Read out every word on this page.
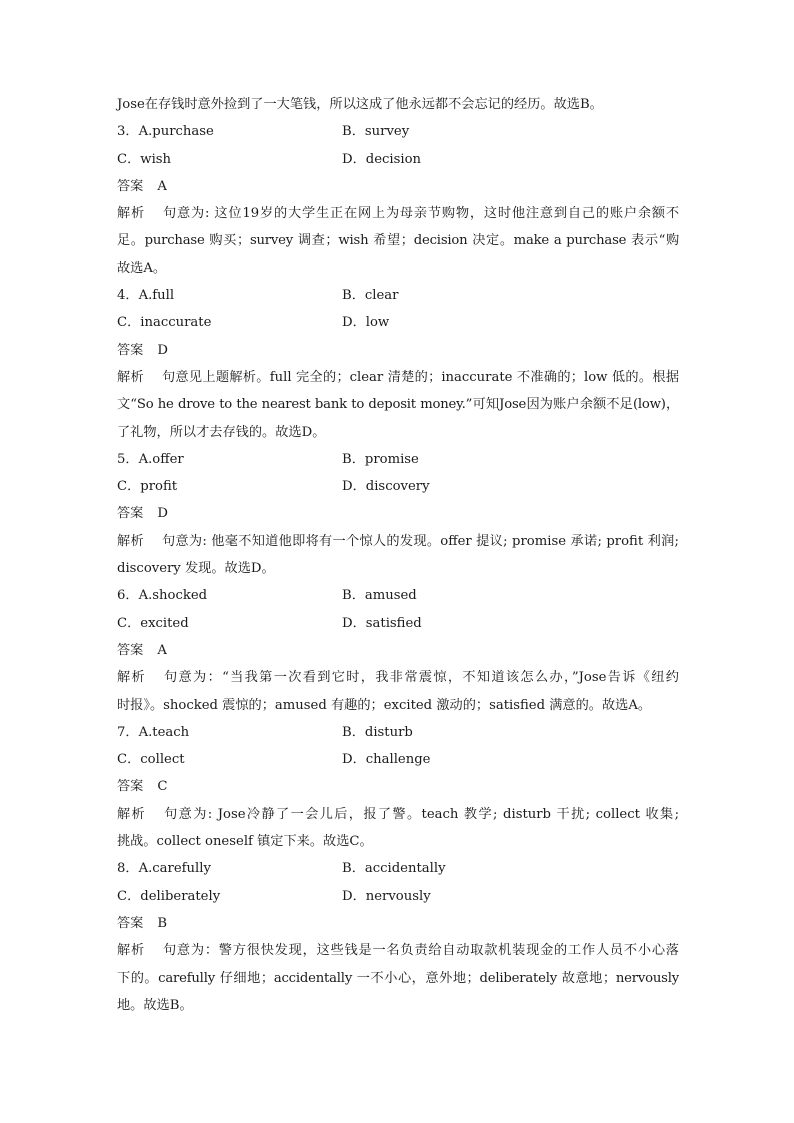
Jose在存钱时意外捡到了一大笔钱，所以这成了他永远都不会忘记的经历。故选B。
3．A.purchase	B．survey
C．wish	D．decision
答案 A
解析 句意为: 这位19岁的大学生正在网上为母亲节购物，这时他注意到自己的账户余额不
足。purchase 购买；survey 调查；wish 希望；decision 决定。make a purchase 表示“购
故选A。
4．A.full	B．clear
C．inaccurate	D．low
答案 D
解析 句意见上题解析。full 完全的；clear 清楚的；inaccurate 不准确的；low 低的。根据
文“So he drove to the nearest bank to deposit money.”可知Jose因为账户余额不足(low)，
了礼物，所以才去存钱的。故选D。
5．A.offer	B．promise
C．profit	D．discovery
答案 D
解析 句意为: 他毫不知道他即将有一个惊人的发现。offer 提议; promise 承诺; profit 利润;
discovery 发现。故选D。
6．A.shocked	B．amused
C．excited	D．satisfied
答案 A
解析 句意为：“当我第一次看到它时，我非常震惊，不知道该怎么办，”Jose告诉《纽约
时报》。shocked 震惊的；amused 有趣的；excited 激动的；satisfied 满意的。故选A。
7．A.teach	B．disturb
C．collect	D．challenge
答案 C
解析 句意为: Jose冷静了一会儿后，报了警。teach 教学; disturb 干扰; collect 收集;
挑战。collect oneself 镇定下来。故选C。
8．A.carefully	B．accidentally
C．deliberately	D．nervously
答案 B
解析 句意为：警方很快发现，这些钱是一名负责给自动取款机装现金的工作人员不小心落
下的。carefully 仔细地；accidentally 一不小心，意外地；deliberately 故意地；nervously
地。故选B。
